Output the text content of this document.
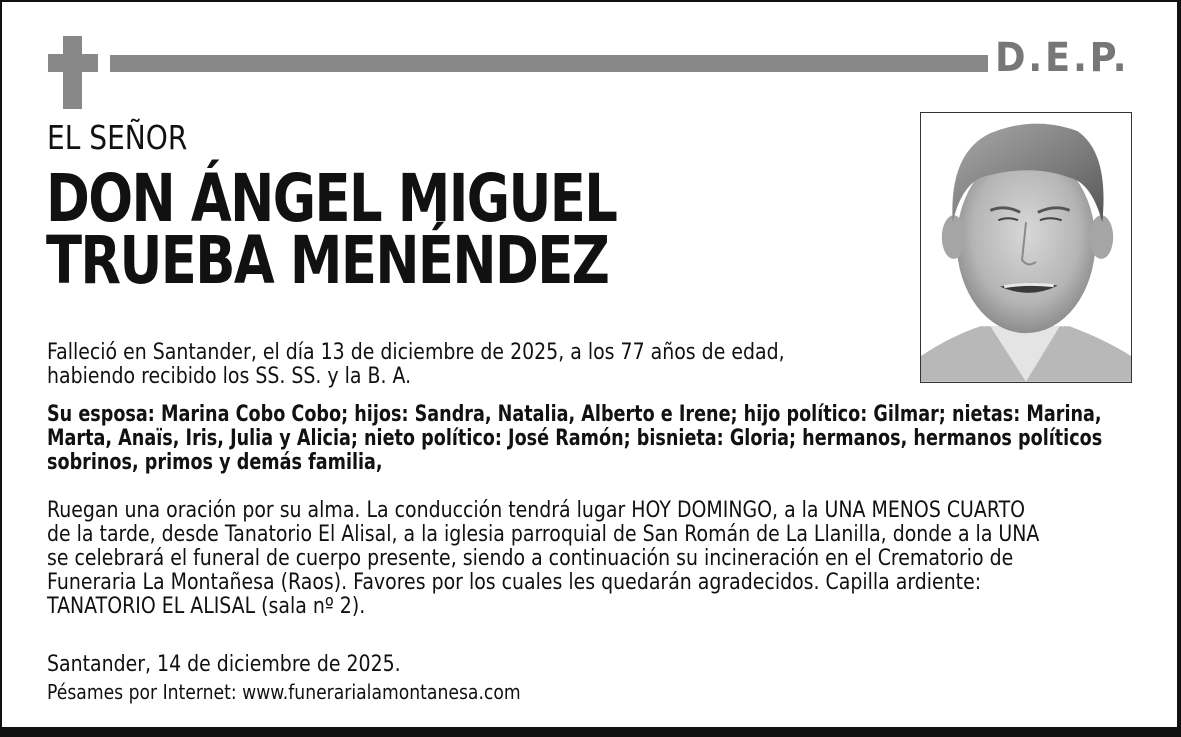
D.E.P.
EL SEÑOR
DON ÁNGEL MIGUEL
TRUEBA MENÉNDEZ
Falleció en Santander, el día 13 de diciembre de 2025, a los 77 años de edad,
habiendo recibido los SS. SS. y la B. A.
Su esposa: Marina Cobo Cobo; hijos: Sandra, Natalia, Alberto e Irene; hijo político: Gilmar; nietas: Marina,
Marta, Anaïs, Iris, Julia y Alicia; nieto político: José Ramón; bisnieta: Gloria; hermanos, hermanos políticos
sobrinos, primos y demás familia,
Ruegan una oración por su alma. La conducción tendrá lugar HOY DOMINGO, a la UNA MENOS CUARTO
de la tarde, desde Tanatorio El Alisal, a la iglesia parroquial de San Román de La Llanilla, donde a la UNA
se celebrará el funeral de cuerpo presente, siendo a continuación su incineración en el Crematorio de
Funeraria La Montañesa (Raos). Favores por los cuales les quedarán agradecidos. Capilla ardiente:
TANATORIO EL ALISAL (sala nº 2).
Santander, 14 de diciembre de 2025.
Pésames por Internet: www.funerarialamontanesa.com
